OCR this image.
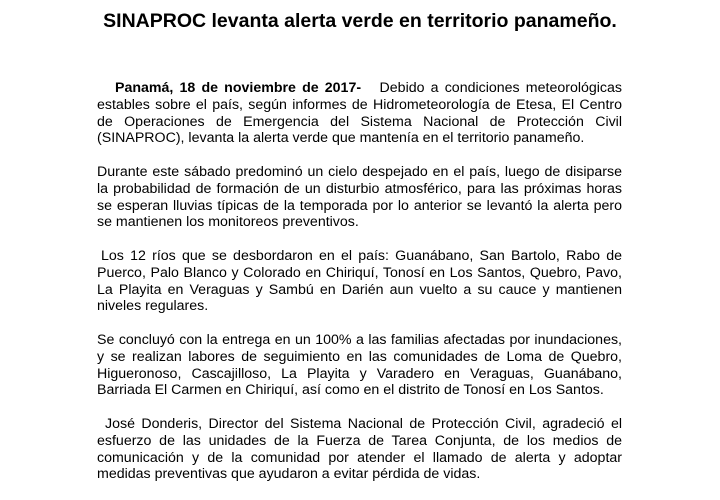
SINAPROC levanta alerta verde en territorio panameño.

Panamá, 18 de noviembre de 2017- Debido a condiciones meteorológicas estables sobre el país, según informes de Hidrometeorología de Etesa, El Centro de Operaciones de Emergencia del Sistema Nacional de Protección Civil (SINAPROC), levanta la alerta verde que mantenía en el territorio panameño.

Durante este sábado predominó un cielo despejado en el país, luego de disiparse la probabilidad de formación de un disturbio atmosférico, para las próximas horas se esperan lluvias típicas de la temporada por lo anterior se levantó la alerta pero se mantienen los monitoreos preventivos.

Los 12 ríos que se desbordaron en el país: Guanábano, San Bartolo, Rabo de Puerco, Palo Blanco y Colorado en Chiriquí, Tonosí en Los Santos, Quebro, Pavo, La Playita en Veraguas y Sambú en Darién aun vuelto a su cauce y mantienen niveles regulares.

Se concluyó con la entrega en un 100% a las familias afectadas por inundaciones, y se realizan labores de seguimiento en las comunidades de Loma de Quebro, Higueronoso, Cascajilloso, La Playita y Varadero en Veraguas, Guanábano, Barriada El Carmen en Chiriquí, así como en el distrito de Tonosí en Los Santos.

José Donderis, Director del Sistema Nacional de Protección Civil, agradeció el esfuerzo de las unidades de la Fuerza de Tarea Conjunta, de los medios de comunicación y de la comunidad por atender el llamado de alerta y adoptar medidas preventivas que ayudaron a evitar pérdida de vidas.
